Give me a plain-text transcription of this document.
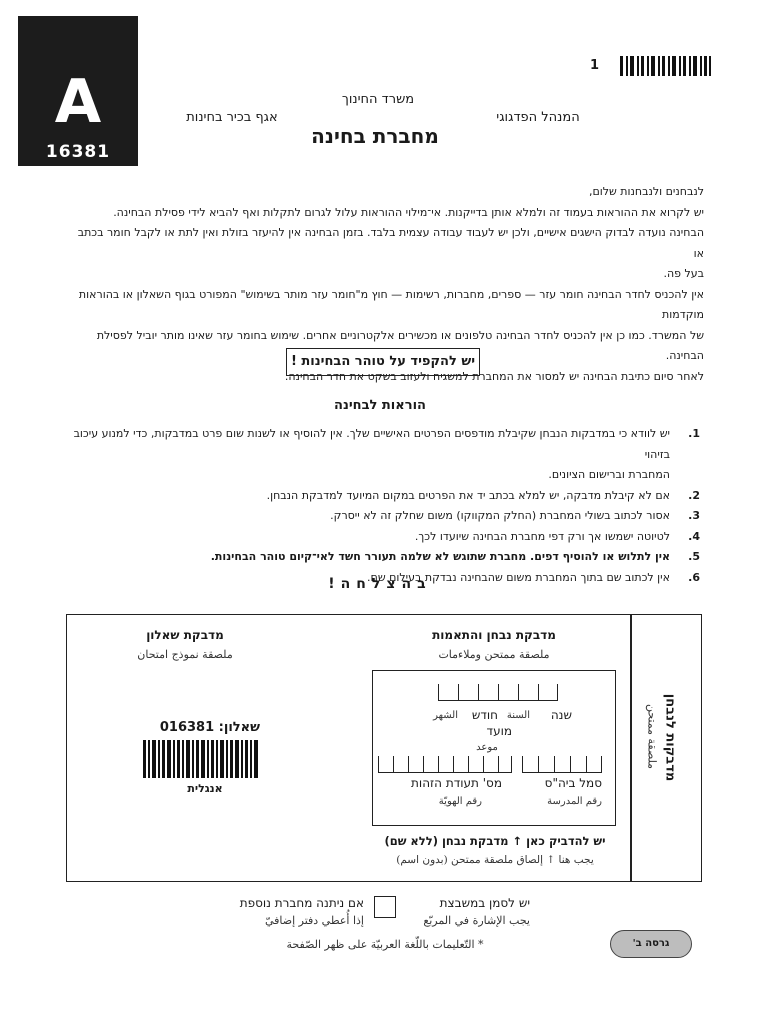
A
16381
1
משרד החינוך
המנהל הפדגוגי
אגף בכיר בחינות
מחברת בחינה

לנבחנים ולנבחנות שלום,

יש לקרוא את ההוראות בעמוד זה ולמלא אותן בדייקנות. אי־מילוי ההוראות עלול לגרום לתקלות ואף להביא לידי פסילת הבחינה.

הבחינה נועדה לבדוק הישגים אישיים, ולכן יש לעבוד עבודה עצמית בלבד. בזמן הבחינה אין להיעזר בזולת ואין לתת או לקבל חומר בכתב או

בעל פה.

אין להכניס לחדר הבחינה חומר עזר — ספרים, מחברות, רשימות — חוץ מ"חומר עזר מותר בשימוש" המפורט בגוף השאלון או בהוראות מוקדמות

של המשרד. כמו כן אין להכניס לחדר הבחינה טלפונים או מכשירים אלקטרוניים אחרים. שימוש בחומר עזר שאינו מותר יוביל לפסילת הבחינה.

לאחר סיום כתיבת הבחינה יש למסור את המחברת למשגיח ולעזוב בשקט את חדר הבחינה.

יש להקפיד על טוהר הבחינות !
הוראות לבחינה
1.
יש לוודא כי במדבקות הנבחן שקיבלת מודפסים הפרטים האישיים שלך. אין להוסיף או לשנות שום פרט במדבקות, כדי למנוע עיכוב בזיהוי
המחברת וברישום הציונים.
2.
אם לא קיבלת מדבקה, יש למלא בכתב יד את הפרטים במקום המיועד למדבקת הנבחן.
3.
אסור לכתוב בשולי המחברת (החלק המקווקו) משום שחלק זה לא ייסרק.
4.
לטיוטה ישמשו אך ורק דפי מחברת הבחינה שיועדו לכך.
5.
אין לתלוש או להוסיף דפים. מחברת שתוגש לא שלמה תעורר חשד לאי־קיום טוהר הבחינות.
6.
אין לכתוב שם בתוך המחברת משום שהבחינה נבדקת בעילום שם.
בהצלחה!
מדבקות לנבחן
ملصقة ممتحن
מדבקת שאלון
ملصقة نموذج امتحان
שאלון: 016381
אנגלית
מדבקת נבחן והתאמות
ملصقة ممتحن وملاءمات
שנה
السنة
חודש
الشهر
מועד
موعد
סמל ביה"ס
رقم المدرسة
מס' תעודת הזהות
رقم الهويّة
יש להדביק כאן ↑ מדבקת נבחן (ללא שם)
يجب هنا ↑ إلصاق ملصقة ممتحن (بدون اسم)
יש לסמן במשבצת
يجب الإشارة في المربّع
אם ניתנה מחברת נוספת
إذا أُعطي دفتر إضافيّ
* التّعليمات باللّغة العربيّة على ظهر الصّفحة	גרסה ב'
